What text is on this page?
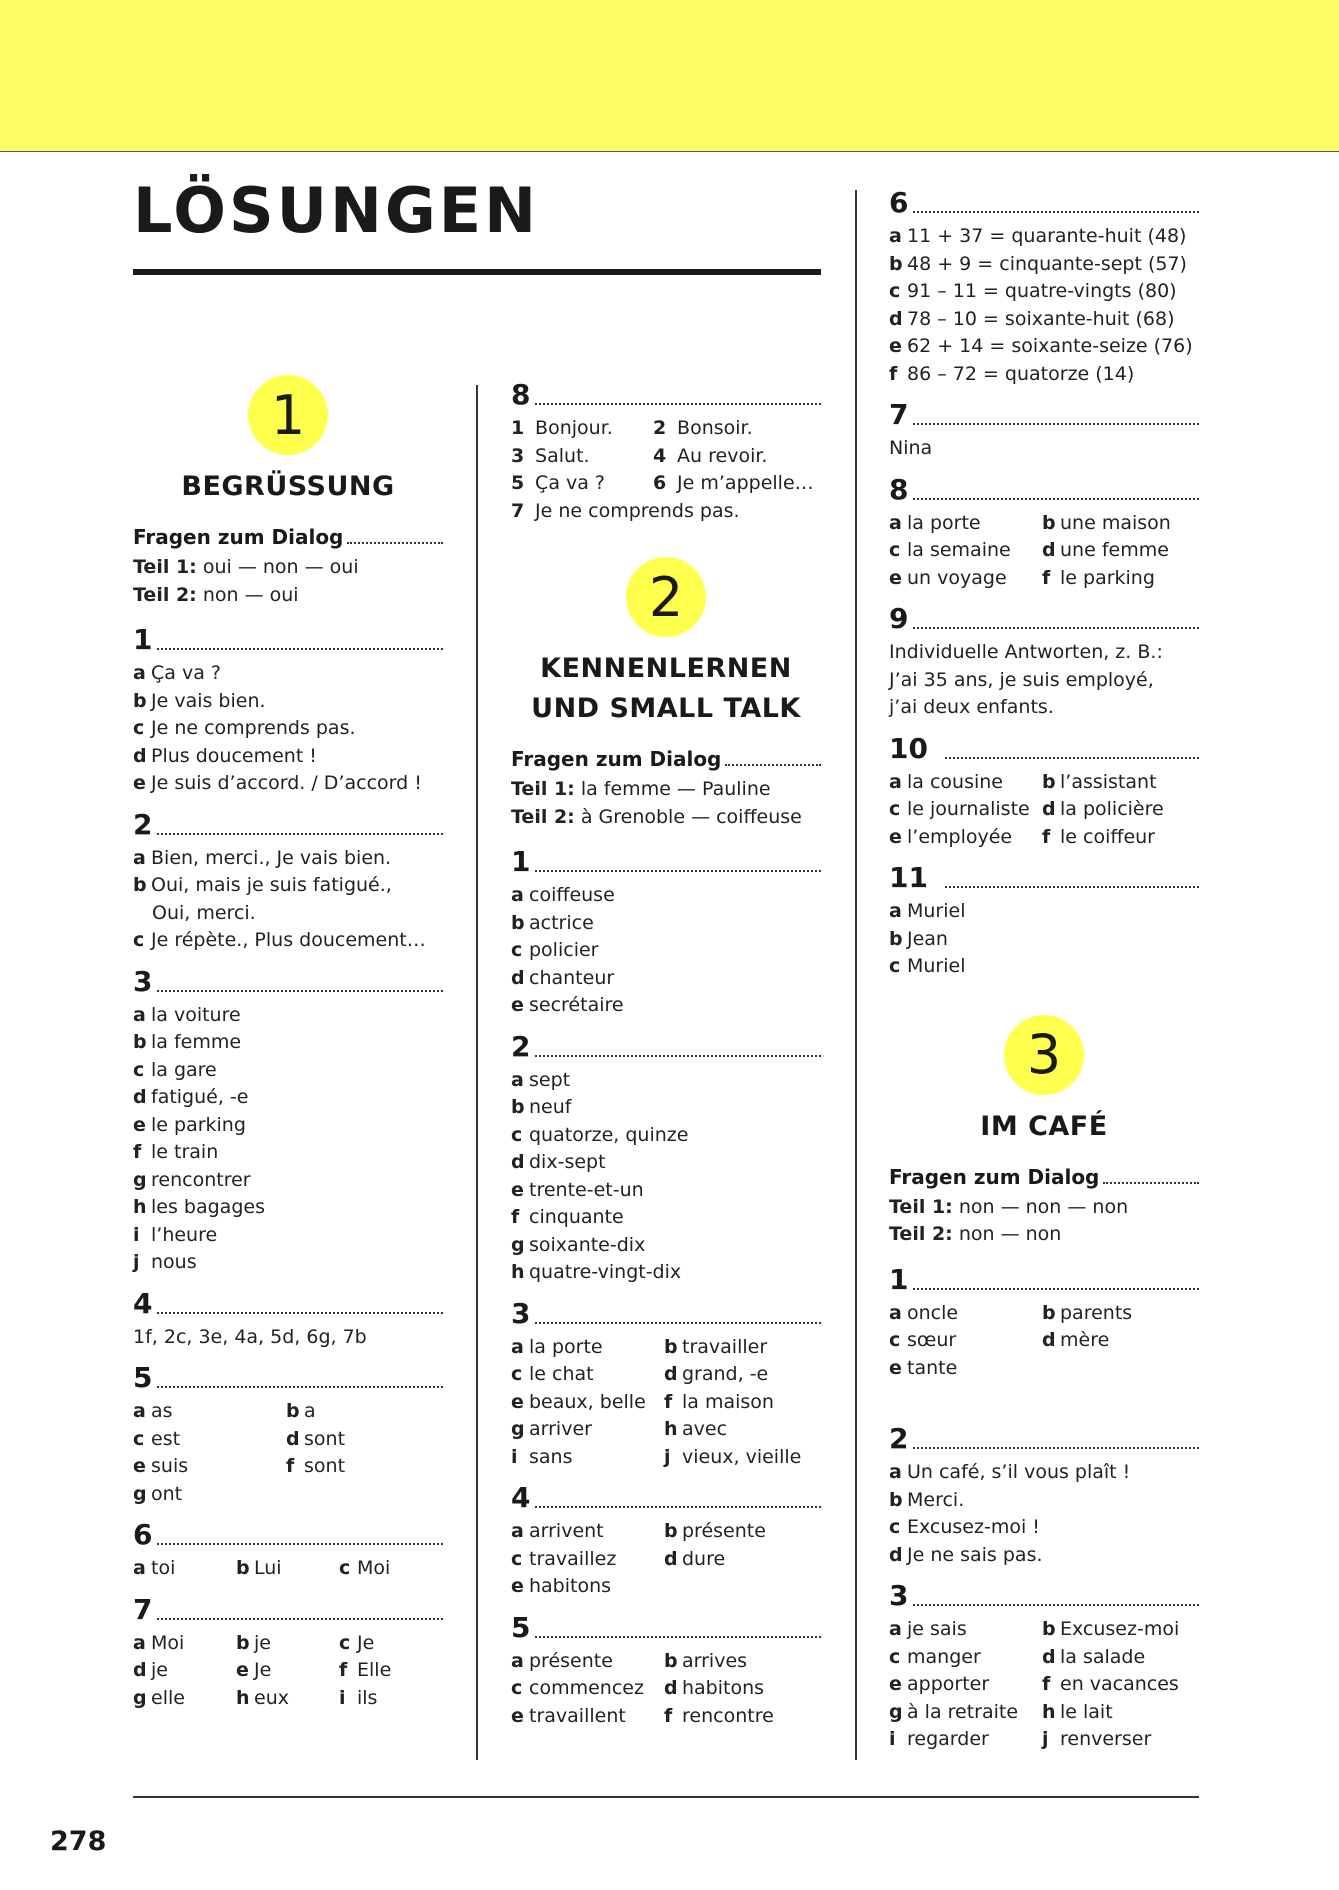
LÖSUNGEN
1
BEGRÜSSUNG
Fragen zum Dialog
Teil 1: oui — non — oui
Teil 2: non — oui
1
a Ça va ?
b Je vais bien.
c Je ne comprends pas.
d Plus doucement !
e Je suis d’accord. / D’accord !
2
a Bien, merci., Je vais bien.
b Oui, mais je suis fatigué.,
Oui, merci.
c Je répète., Plus doucement…
3
a la voiture
b la femme
c la gare
d fatigué, -e
e le parking
f le train
g rencontrer
h les bagages
i l’heure
j nous
4
1f, 2c, 3e, 4a, 5d, 6g, 7b
5
a as	b a
c est	d sont
e suis	f sont
g ont
6
a toi	b Lui	c Moi
7
a Moi	b je	c Je
d je	e Je	f Elle
g elle	h eux	i ils
8
1 Bonjour.	2 Bonsoir.
3 Salut.	4 Au revoir.
5 Ça va ?	6 Je m’appelle…
7 Je ne comprends pas.
2
KENNENLERNEN
UND SMALL TALK
Fragen zum Dialog
Teil 1: la femme — Pauline
Teil 2: à Grenoble — coiffeuse
1
a coiffeuse
b actrice
c policier
d chanteur
e secrétaire
2
a sept
b neuf
c quatorze, quinze
d dix-sept
e trente-et-un
f cinquante
g soixante-dix
h quatre-vingt-dix
3
a la porte	b travailler
c le chat	d grand, -e
e beaux, belle f la maison
g arriver	h avec
i sans	j vieux, vieille
4
a arrivent	b présente
c travaillez	d dure
e habitons
5
a présente	b arrives
c commencez	d habitons
e travaillent	f rencontre
6
a 11 + 37 = quarante-huit (48)
b 48 + 9 = cinquante-sept (57)
c 91 – 11 = quatre-vingts (80)
d 78 – 10 = soixante-huit (68)
e 62 + 14 = soixante-seize (76)
f 86 – 72 = quatorze (14)
7
Nina
8
a la porte	b une maison
c la semaine	d une femme
e un voyage	f le parking
9
Individuelle Antworten, z. B.:
J’ai 35 ans, je suis employé,
j’ai deux enfants.
10
a la cousine	b l’assistant
c le journaliste d la policière
e l’employée	f le coiffeur
11
a Muriel
b Jean
c Muriel
3
IM CAFÉ
Fragen zum Dialog
Teil 1: non — non — non
Teil 2: non — non
1
a oncle	b parents
c sœur	d mère
e tante
2
a Un café, s’il vous plaît !
b Merci.
c Excusez-moi !
d Je ne sais pas.
3
a je sais	b Excusez-moi
c manger	d la salade
e apporter	f en vacances
g à la retraite	h le lait
i regarder	j renverser
278
